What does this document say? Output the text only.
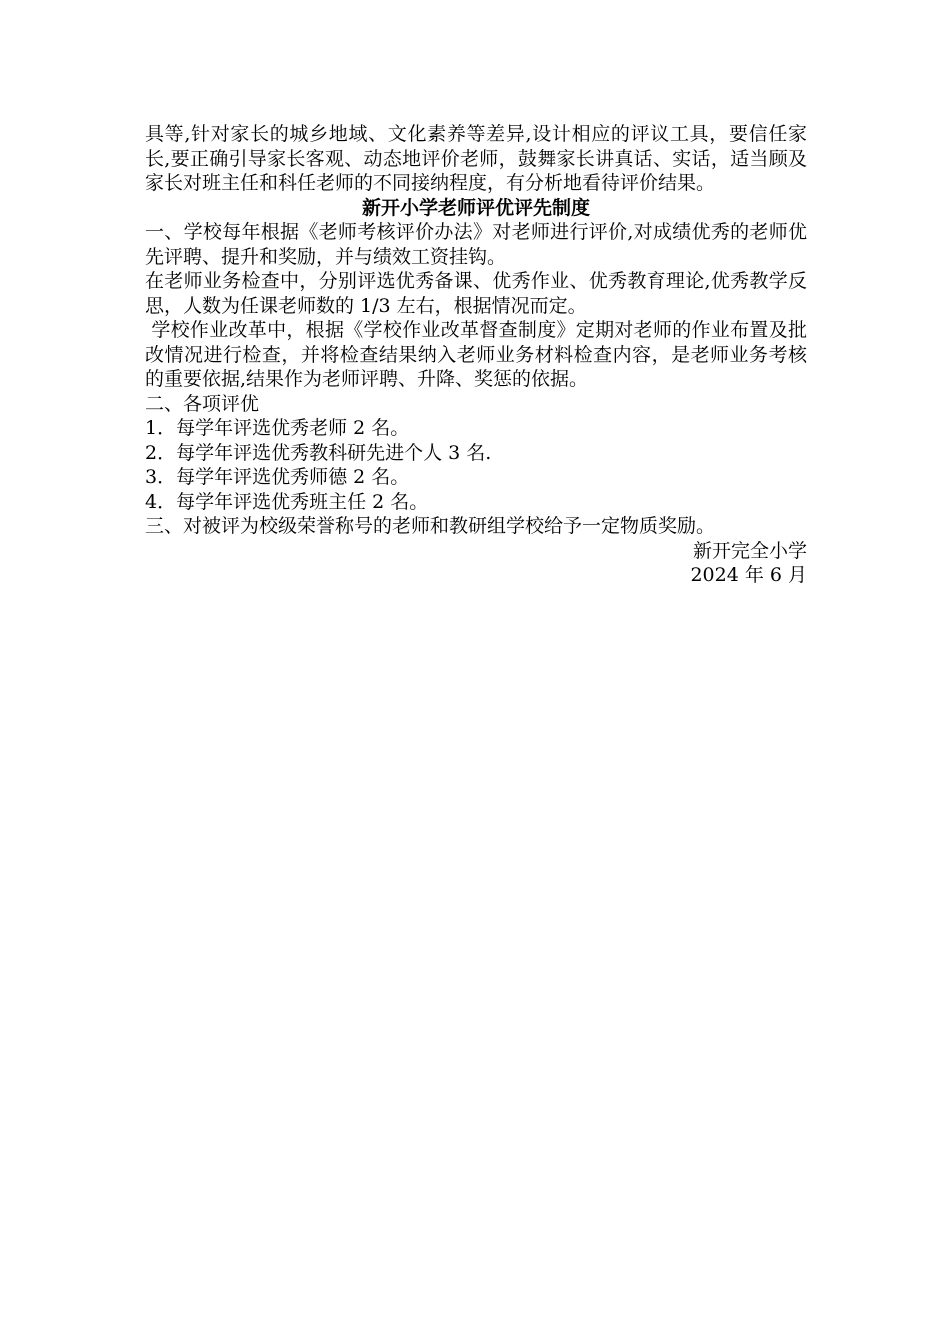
具等,针对家长的城乡地域、文化素养等差异,设计相应的评议工具，要信任家长,要正确引导家长客观、动态地评价老师，鼓舞家长讲真话、实话，适当顾及家长对班主任和科任老师的不同接纳程度，有分析地看待评价结果。

新开小学老师评优评先制度

一、学校每年根据《老师考核评价办法》对老师进行评价,对成绩优秀的老师优先评聘、提升和奖励，并与绩效工资挂钩。

在老师业务检查中，分别评选优秀备课、优秀作业、优秀教育理论,优秀教学反思，人数为任课老师数的 1/3 左右，根据情况而定。

学校作业改革中，根据《学校作业改革督查制度》定期对老师的作业布置及批改情况进行检查，并将检查结果纳入老师业务材料检查内容，是老师业务考核的重要依据,结果作为老师评聘、升降、奖惩的依据。

二、各项评优

1．每学年评选优秀老师 2 名。

2．每学年评选优秀教科研先进个人 3 名.

3．每学年评选优秀师德 2 名。

4．每学年评选优秀班主任 2 名。

三、对被评为校级荣誉称号的老师和教研组学校给予一定物质奖励。

新开完全小学

2024 年 6 月
